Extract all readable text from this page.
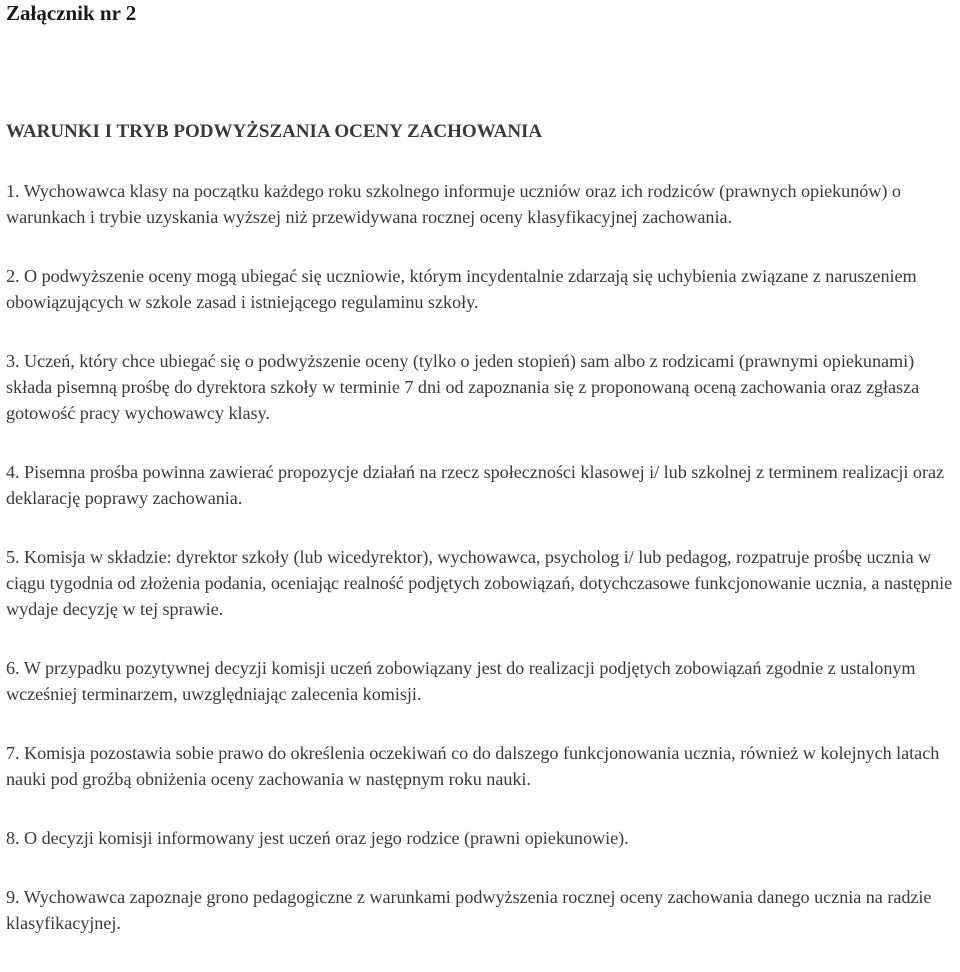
Załącznik nr 2
WARUNKI I TRYB PODWYŻSZANIA OCENY ZACHOWANIA

1. Wychowawca klasy na początku każdego roku szkolnego informuje uczniów oraz ich rodziców (prawnych opiekunów) o warunkach i trybie uzyskania wyższej niż przewidywana rocznej oceny klasyfikacyjnej zachowania.

2. O podwyższenie oceny mogą ubiegać się uczniowie, którym incydentalnie zdarzają się uchybienia związane z naruszeniem obowiązujących w szkole zasad i istniejącego regulaminu szkoły.

3. Uczeń, który chce ubiegać się o podwyższenie oceny (tylko o jeden stopień) sam albo z rodzicami (prawnymi opiekunami) składa pisemną prośbę do dyrektora szkoły w terminie 7 dni od zapoznania się z proponowaną oceną zachowania oraz zgłasza gotowość pracy wychowawcy klasy.

4. Pisemna prośba powinna zawierać propozycje działań na rzecz społeczności klasowej i/ lub szkolnej z terminem realizacji oraz deklarację poprawy zachowania.

5. Komisja w składzie: dyrektor szkoły (lub wicedyrektor), wychowawca, psycholog i/ lub pedagog, rozpatruje prośbę ucznia w ciągu tygodnia od złożenia podania, oceniając realność podjętych zobowiązań, dotychczasowe funkcjonowanie ucznia, a następnie wydaje decyzję w tej sprawie.

6. W przypadku pozytywnej decyzji komisji uczeń zobowiązany jest do realizacji podjętych zobowiązań zgodnie z ustalonym wcześniej terminarzem, uwzględniając zalecenia komisji.

7. Komisja pozostawia sobie prawo do określenia oczekiwań co do dalszego funkcjonowania ucznia, również w kolejnych latach nauki pod groźbą obniżenia oceny zachowania w następnym roku nauki.

8. O decyzji komisji informowany jest uczeń oraz jego rodzice (prawni opiekunowie).

9. Wychowawca zapoznaje grono pedagogiczne z warunkami podwyższenia rocznej oceny zachowania danego ucznia na radzie klasyfikacyjnej.
